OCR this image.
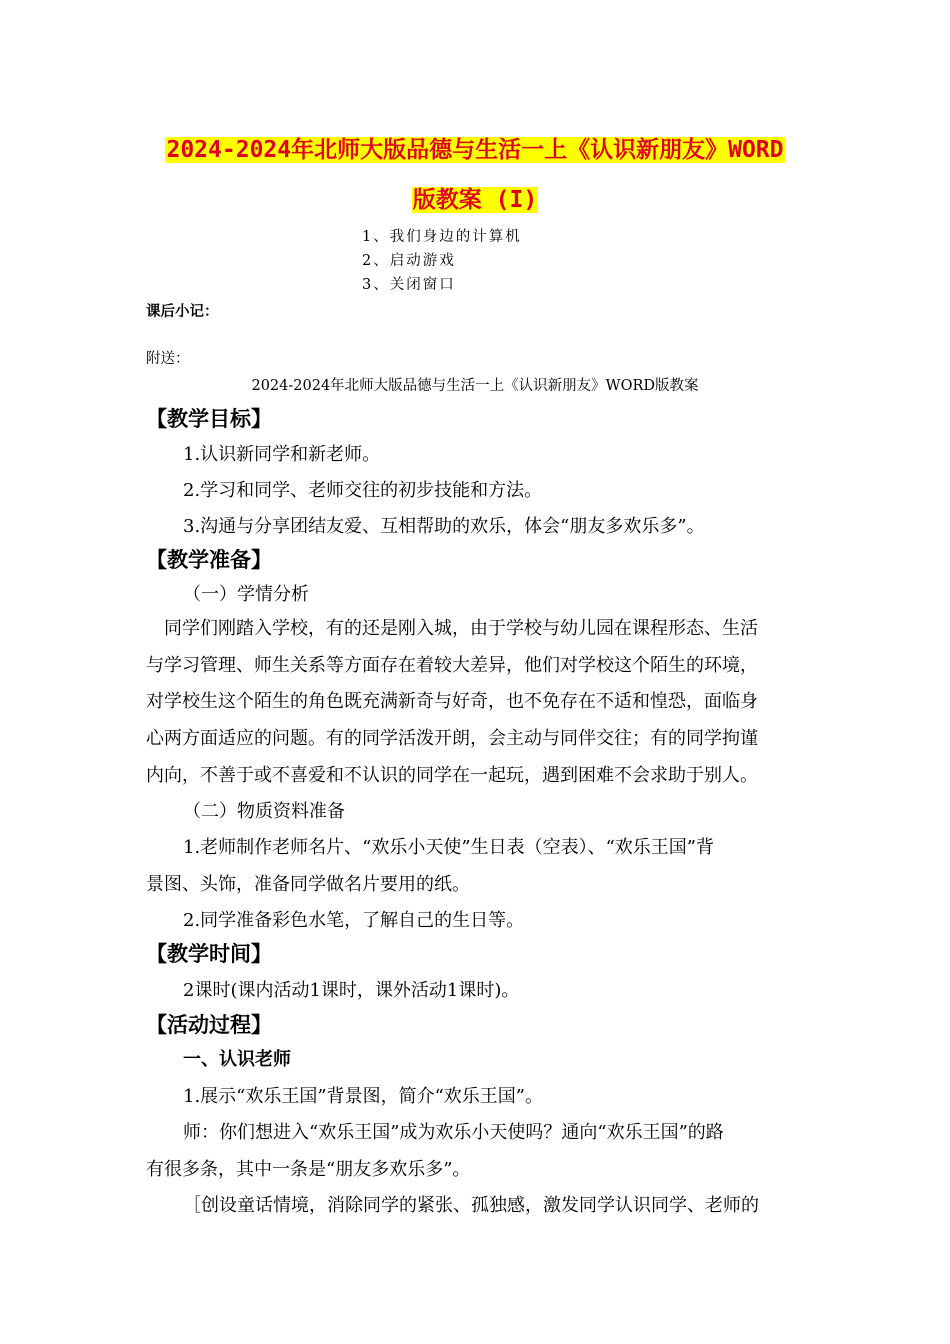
2024-2024年北师大版品德与生活一上《认识新朋友》WORD
版教案 (I)
1、我们身边的计算机
2、启动游戏
3、关闭窗口
课后小记：
附送：
2024-2024年北师大版品德与生活一上《认识新朋友》WORD版教案
【教学目标】
1.认识新同学和新老师。
2.学习和同学、老师交往的初步技能和方法。
3.沟通与分享团结友爱、互相帮助的欢乐，体会“朋友多欢乐多”。
【教学准备】
（一）学情分析
同学们刚踏入学校，有的还是刚入城，由于学校与幼儿园在课程形态、生活
与学习管理、师生关系等方面存在着较大差异，他们对学校这个陌生的环境，
对学校生这个陌生的角色既充满新奇与好奇，也不免存在不适和惶恐，面临身
心两方面适应的问题。有的同学活泼开朗，会主动与同伴交往；有的同学拘谨
内向，不善于或不喜爱和不认识的同学在一起玩，遇到困难不会求助于别人。
（二）物质资料准备
1.老师制作老师名片、“欢乐小天使”生日表（空表）、“欢乐王国”背
景图、头饰，准备同学做名片要用的纸。
2.同学准备彩色水笔，了解自己的生日等。
【教学时间】
2课时(课内活动1课时，课外活动1课时)。
【活动过程】
一、认识老师
1.展示“欢乐王国”背景图，简介“欢乐王国”。
师：你们想进入“欢乐王国”成为欢乐小天使吗？通向“欢乐王国”的路
有很多条，其中一条是“朋友多欢乐多”。
［创设童话情境，消除同学的紧张、孤独感，激发同学认识同学、老师的
